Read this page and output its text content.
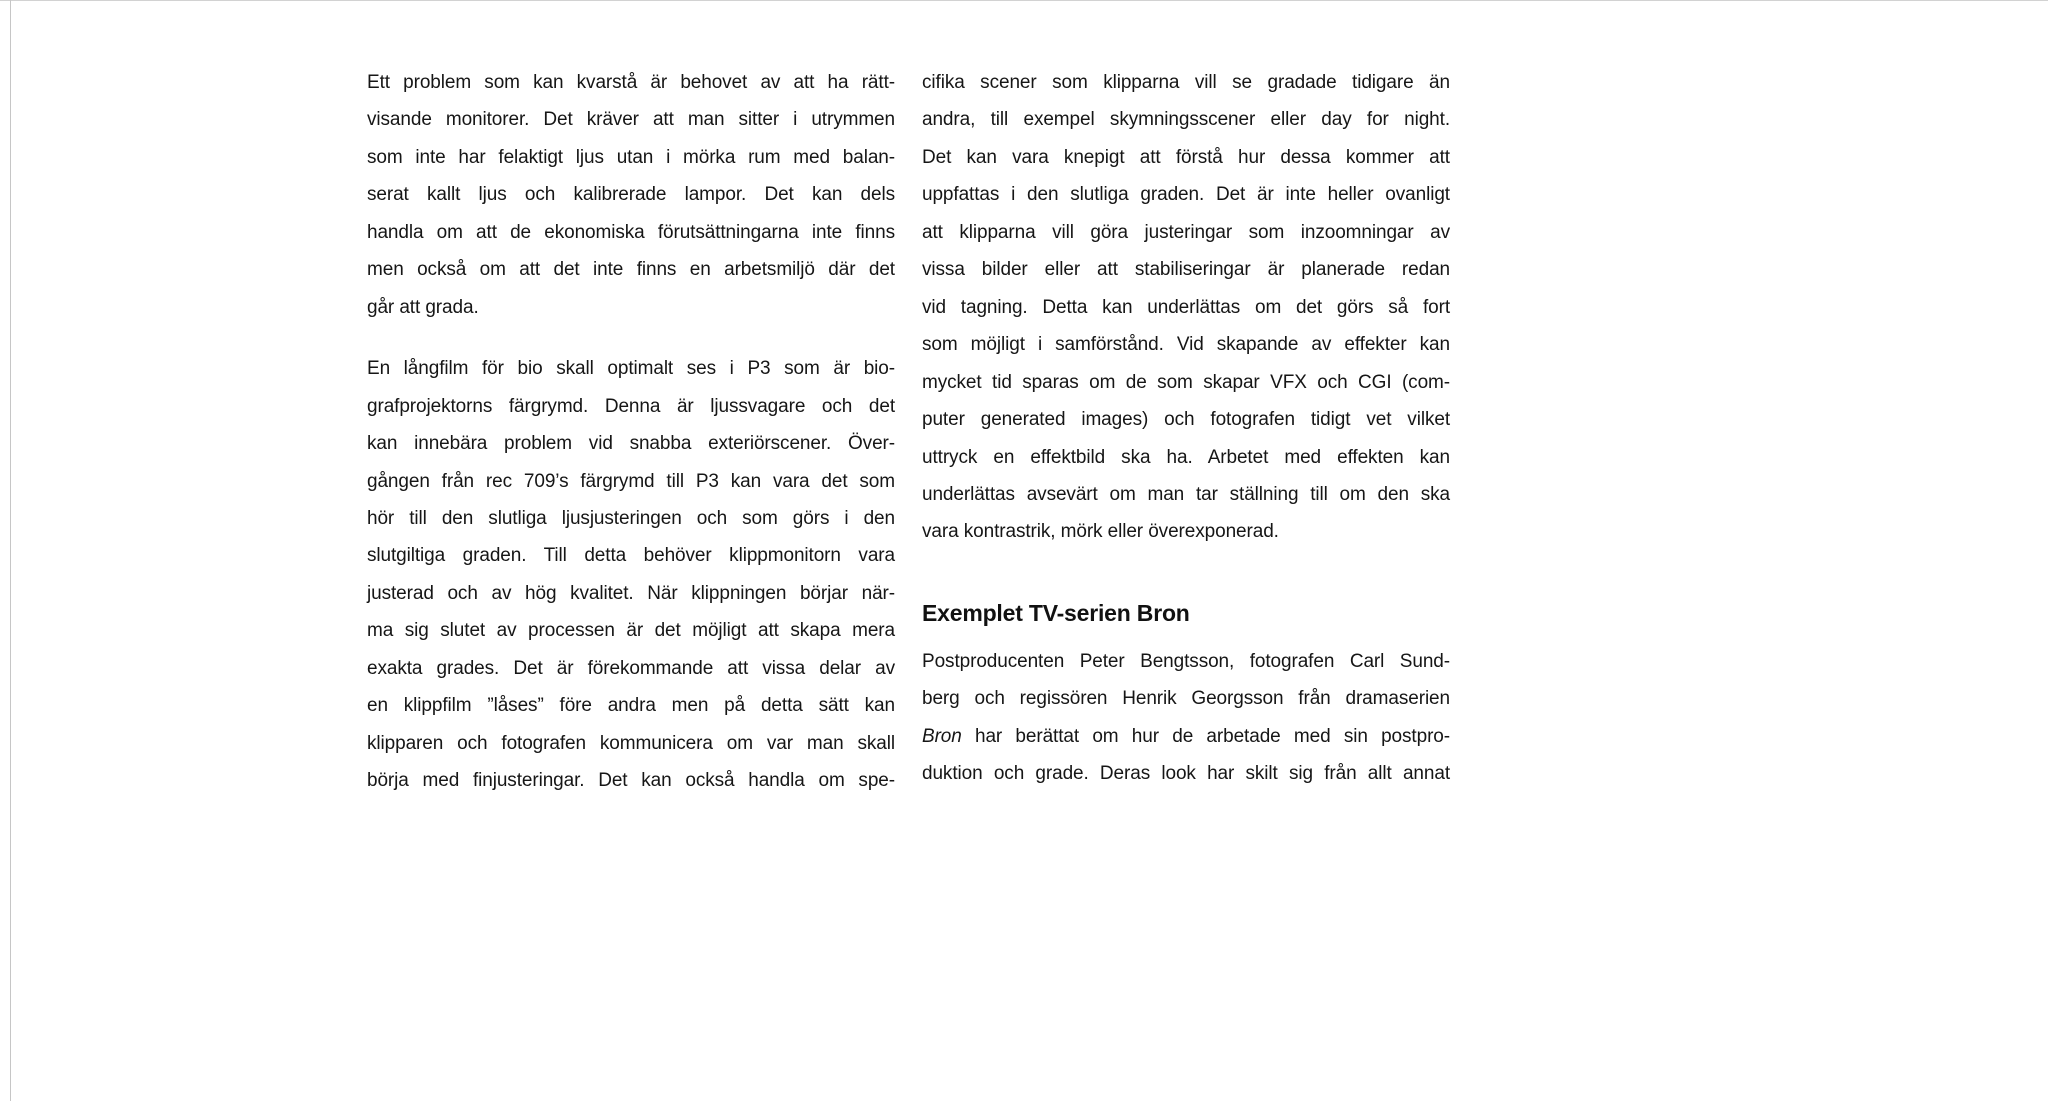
Ett problem som kan kvarstå är behovet av att ha rätt-
visande monitorer. Det kräver att man sitter i utrymmen
som inte har felaktigt ljus utan i mörka rum med balan-
serat kallt ljus och kalibrerade lampor. Det kan dels
handla om att de ekonomiska förutsättningarna inte finns
men också om att det inte finns en arbetsmiljö där det
går att grada.
En långfilm för bio skall optimalt ses i P3 som är bio-
grafprojektorns färgrymd. Denna är ljussvagare och det
kan innebära problem vid snabba exteriörscener. Över-
gången från rec 709’s färgrymd till P3 kan vara det som
hör till den slutliga ljusjusteringen och som görs i den
slutgiltiga graden. Till detta behöver klippmonitorn vara
justerad och av hög kvalitet. När klippningen börjar när-
ma sig slutet av processen är det möjligt att skapa mera
exakta grades. Det är förekommande att vissa delar av
en klippfilm ”låses” före andra men på detta sätt kan
klipparen och fotografen kommunicera om var man skall
börja med finjusteringar. Det kan också handla om spe-
cifika scener som klipparna vill se gradade tidigare än
andra, till exempel skymningsscener eller day for night.
Det kan vara knepigt att förstå hur dessa kommer att
uppfattas i den slutliga graden. Det är inte heller ovanligt
att klipparna vill göra justeringar som inzoomningar av
vissa bilder eller att stabiliseringar är planerade redan
vid tagning. Detta kan underlättas om det görs så fort
som möjligt i samförstånd. Vid skapande av effekter kan
mycket tid sparas om de som skapar VFX och CGI (com-
puter generated images) och fotografen tidigt vet vilket
uttryck en effektbild ska ha. Arbetet med effekten kan
underlättas avsevärt om man tar ställning till om den ska
vara kontrastrik, mörk eller överexponerad.
Exemplet TV-serien Bron
Postproducenten Peter Bengtsson, fotografen Carl Sund-
berg och regissören Henrik Georgsson från dramaserien
Bron har berättat om hur de arbetade med sin postpro-
duktion och grade. Deras look har skilt sig från allt annat
